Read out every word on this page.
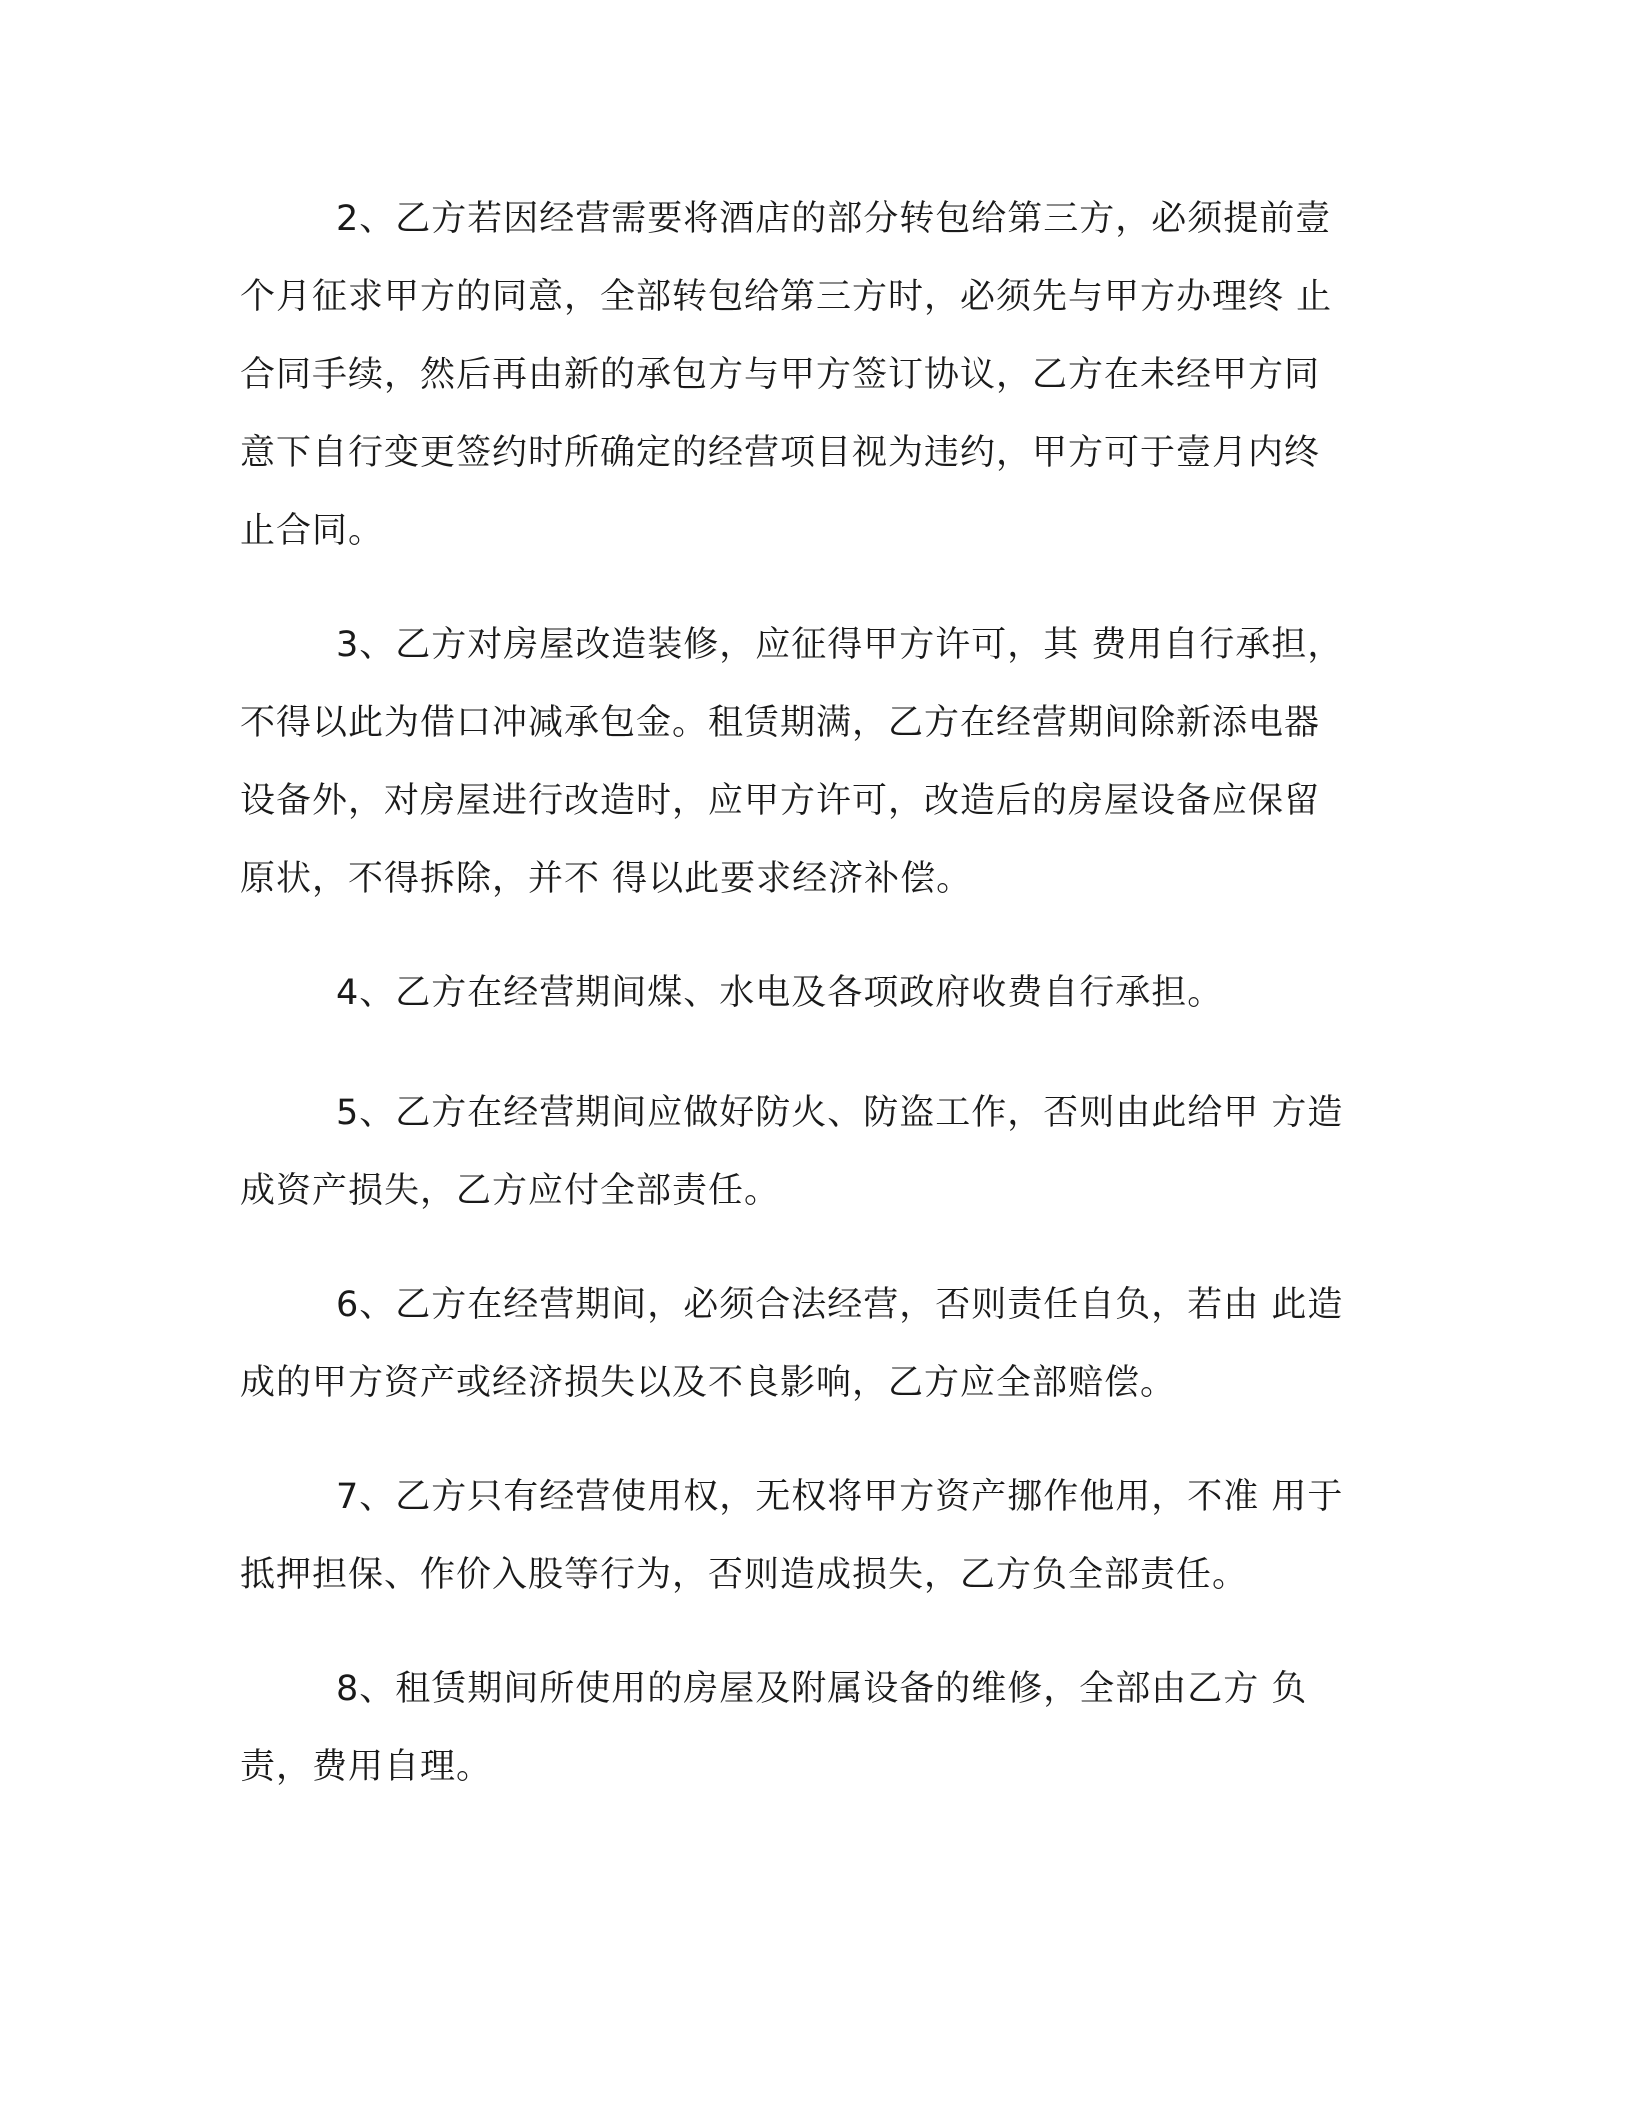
2、乙方若因经营需要将酒店的部分转包给第三方，必须提前壹
个月征求甲方的同意，全部转包给第三方时，必须先与甲方办理终 止
合同手续，然后再由新的承包方与甲方签订协议，乙方在未经甲方同
意下自行变更签约时所确定的经营项目视为违约，甲方可于壹月内终
止合同。

3、乙方对房屋改造装修，应征得甲方许可，其 费用自行承担，
不得以此为借口冲减承包金。租赁期满，乙方在经营期间除新添电器
设备外，对房屋进行改造时，应甲方许可，改造后的房屋设备应保留
原状，不得拆除，并不 得以此要求经济补偿。

4、乙方在经营期间煤、水电及各项政府收费自行承担。

5、乙方在经营期间应做好防火、防盗工作，否则由此给甲 方造
成资产损失，乙方应付全部责任。

6、乙方在经营期间，必须合法经营，否则责任自负，若由 此造
成的甲方资产或经济损失以及不良影响，乙方应全部赔偿。

7、乙方只有经营使用权，无权将甲方资产挪作他用，不准 用于
抵押担保、作价入股等行为，否则造成损失，乙方负全部责任。

8、租赁期间所使用的房屋及附属设备的维修，全部由乙方 负
责，费用自理。
